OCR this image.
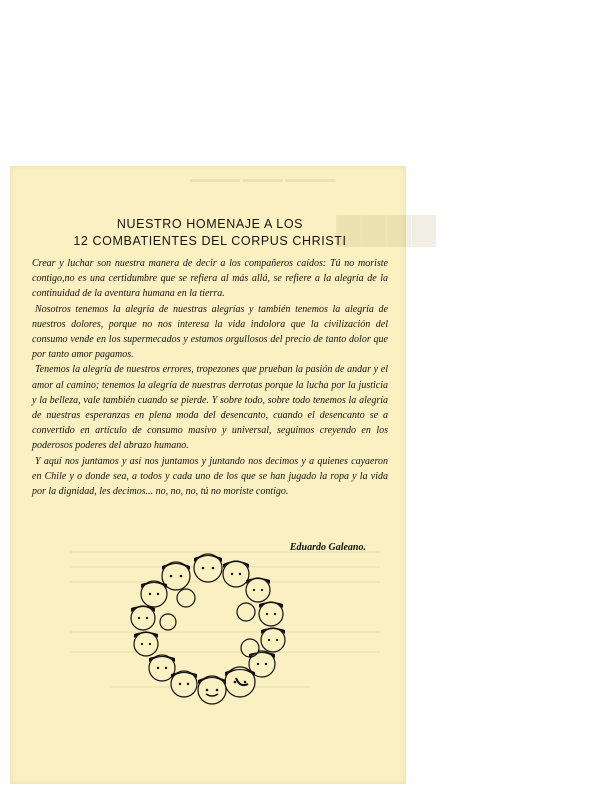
▬▬▬▬▬ ▬▬▬▬ ▬▬▬▬▬
▇▇▇▇
NUESTRO HOMENAJE A LOS
12 COMBATIENTES DEL CORPUS CHRISTI

Crear y luchar son nuestra manera de decir a los compañeros caídos: Tú no moriste contigo,no es una certidumbre que se refiera al más allá, se refiere a la alegría de la continuidad de la aventura humana en la tierra.

Nosotros tenemos la alegría de nuestras alegrías y también tenemos la alegría de nuestros dolores, porque no nos interesa la vida indolora que la civilización del consumo vende en los supermecados y estamos orgullosos del precio de tanto dolor que por tanto amor pagamos.

Tenemos la alegría de nuestros errores, tropezones que prueban la pasión de andar y el amor al camino; tenemos la alegría de nuestras derrotas porque la lucha por la justicia y la belleza, vale también cuando se pierde. Y sobre todo, sobre todo tenemos la alegría de nuestras esperanzas en plena moda del desencanto, cuando el desencanto se a convertido en artículo de consumo masivo y universal, seguimos creyendo en los poderosos poderes del abrazo humano.

Y aquí nos juntamos y así nos juntamos y juntando nos decimos y a quienes cayaeron en Chile y o donde sea, a todos y cada uno de los que se han jugado la ropa y la vida por la dignidad, les decimos... no, no, no, tú no moriste contigo.

Eduardo Galeano.
